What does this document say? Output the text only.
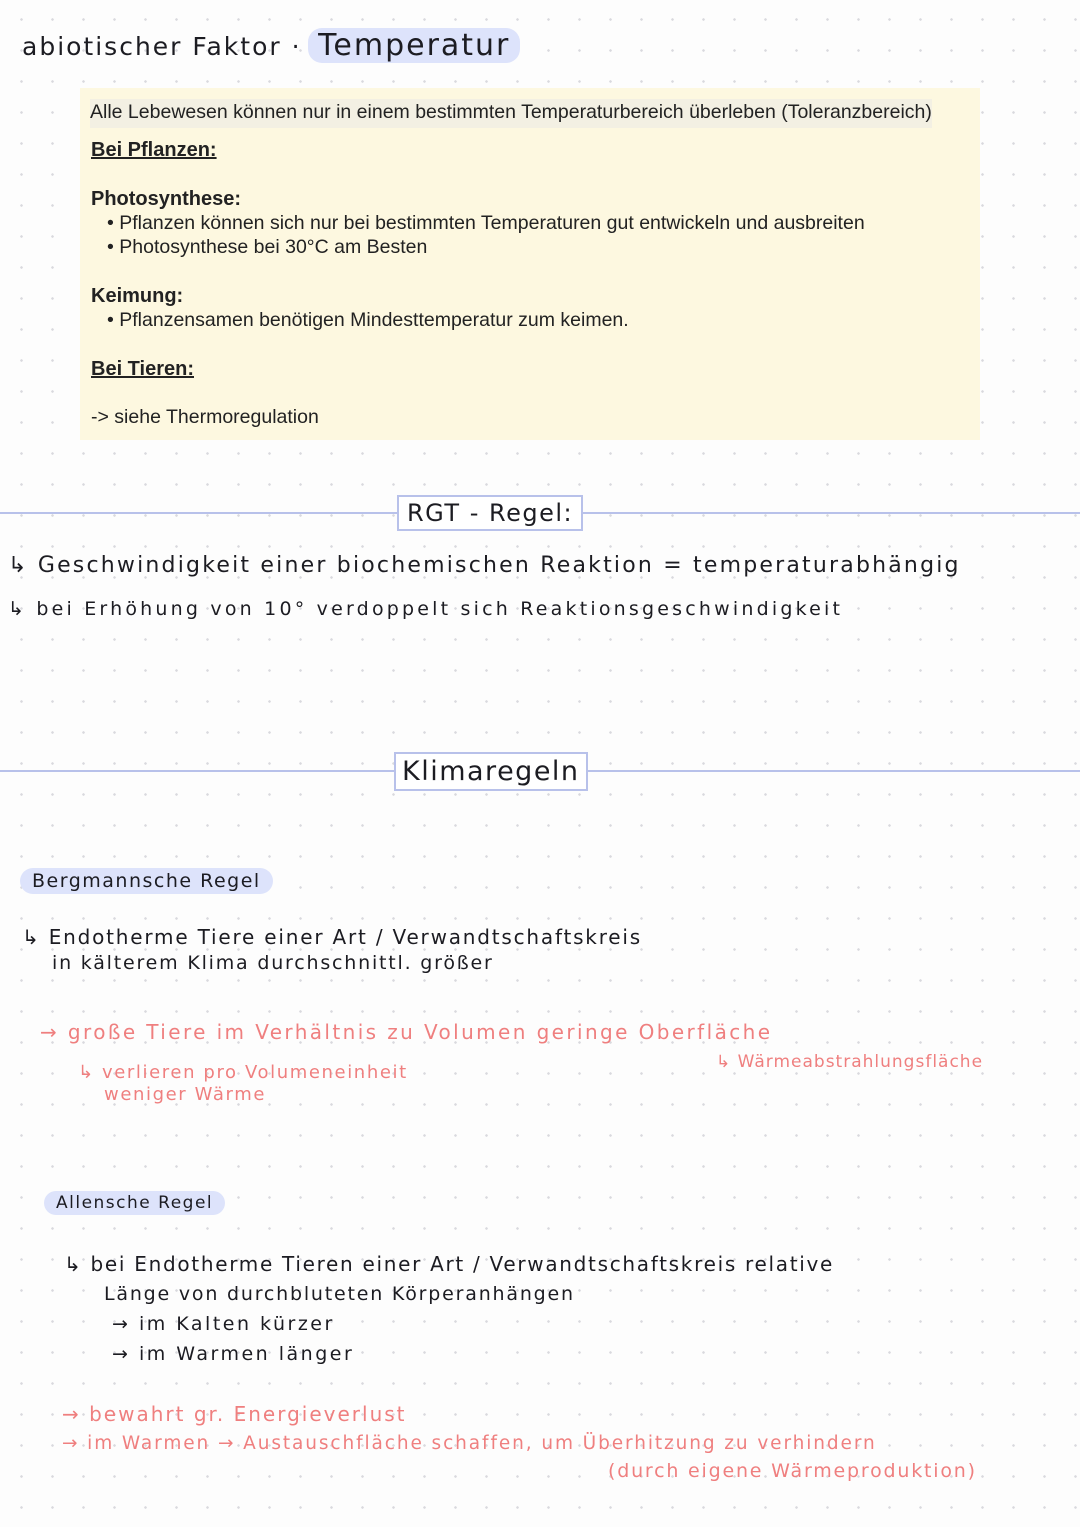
abiotischer Faktor · Temperatur
Alle Lebewesen können nur in einem bestimmten Temperaturbereich überleben (Toleranzbereich)
Bei Pflanzen:
Photosynthese:
• Pflanzen können sich nur bei bestimmten Temperaturen gut entwickeln und ausbreiten
• Photosynthese bei 30°C am Besten
Keimung:
• Pflanzensamen benötigen Mindesttemperatur zum keimen.
Bei Tieren:
-> siehe Thermoregulation
RGT - Regel:
↳ Geschwindigkeit einer biochemischen Reaktion = temperaturabhängig
↳ bei Erhöhung von 10° verdoppelt sich Reaktionsgeschwindigkeit
Klimaregeln
Bergmannsche Regel
↳ Endotherme Tiere einer Art / Verwandtschaftskreis
in kälterem Klima durchschnittl. größer
→ große Tiere im Verhältnis zu Volumen geringe Oberfläche
↳ verlieren pro Volumeneinheit
weniger Wärme
↳ Wärmeabstrahlungsfläche
Allensche Regel
↳ bei Endotherme Tieren einer Art / Verwandtschaftskreis relative
Länge von durchbluteten Körperanhängen
→ im Kalten kürzer
→ im Warmen länger
→ bewahrt gr. Energieverlust
→ im Warmen → Austauschfläche schaffen, um Überhitzung zu verhindern
(durch eigene Wärmeproduktion)
